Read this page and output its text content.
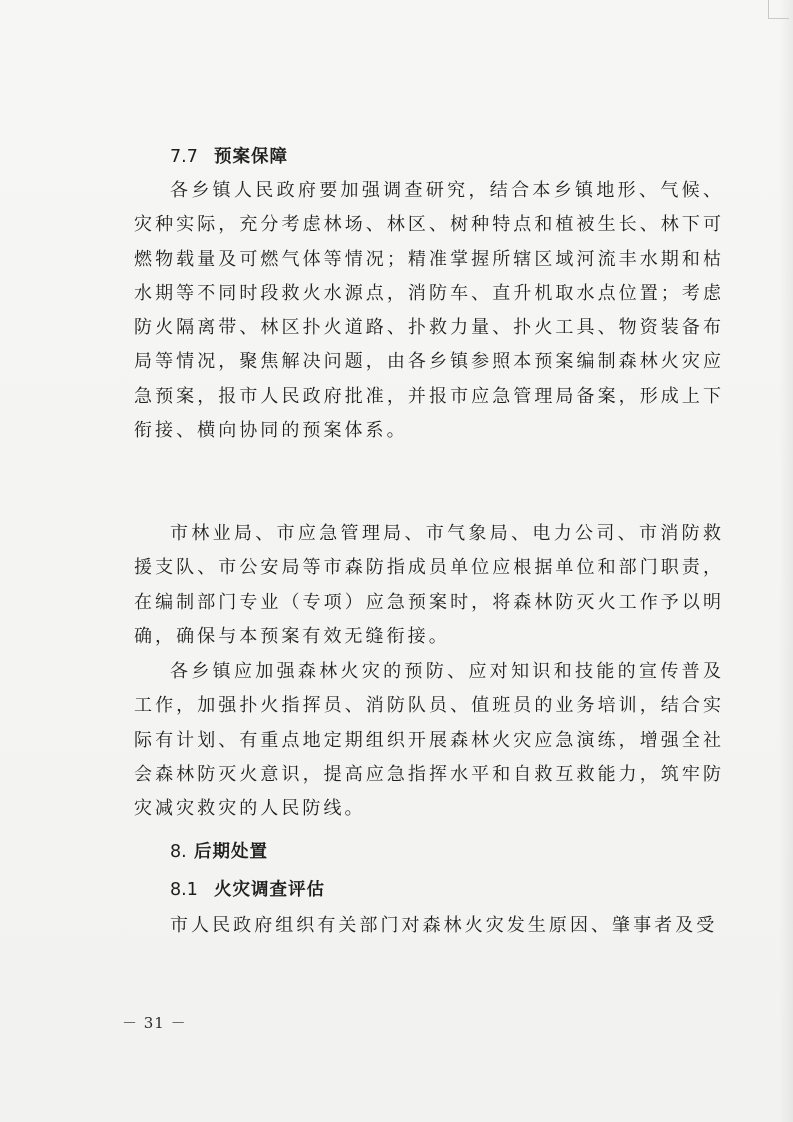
7.7 预案保障

各乡镇人民政府要加强调查研究，结合本乡镇地形、气候、灾种实际，充分考虑林场、林区、树种特点和植被生长、林下可燃物载量及可燃气体等情况；精准掌握所辖区域河流丰水期和枯水期等不同时段救火水源点，消防车、直升机取水点位置；考虑防火隔离带、林区扑火道路、扑救力量、扑火工具、物资装备布局等情况，聚焦解决问题，由各乡镇参照本预案编制森林火灾应急预案，报市人民政府批准，并报市应急管理局备案，形成上下衔接、横向协同的预案体系。

市林业局、市应急管理局、市气象局、电力公司、市消防救援支队、市公安局等市森防指成员单位应根据单位和部门职责，在编制部门专业（专项）应急预案时，将森林防灭火工作予以明确，确保与本预案有效无缝衔接。

各乡镇应加强森林火灾的预防、应对知识和技能的宣传普及工作，加强扑火指挥员、消防队员、值班员的业务培训，结合实际有计划、有重点地定期组织开展森林火灾应急演练，增强全社会森林防灭火意识，提高应急指挥水平和自救互救能力，筑牢防灾减灾救灾的人民防线。

8. 后期处置
8.1 火灾调查评估

市人民政府组织有关部门对森林火灾发生原因、肇事者及受

－ 31 －
